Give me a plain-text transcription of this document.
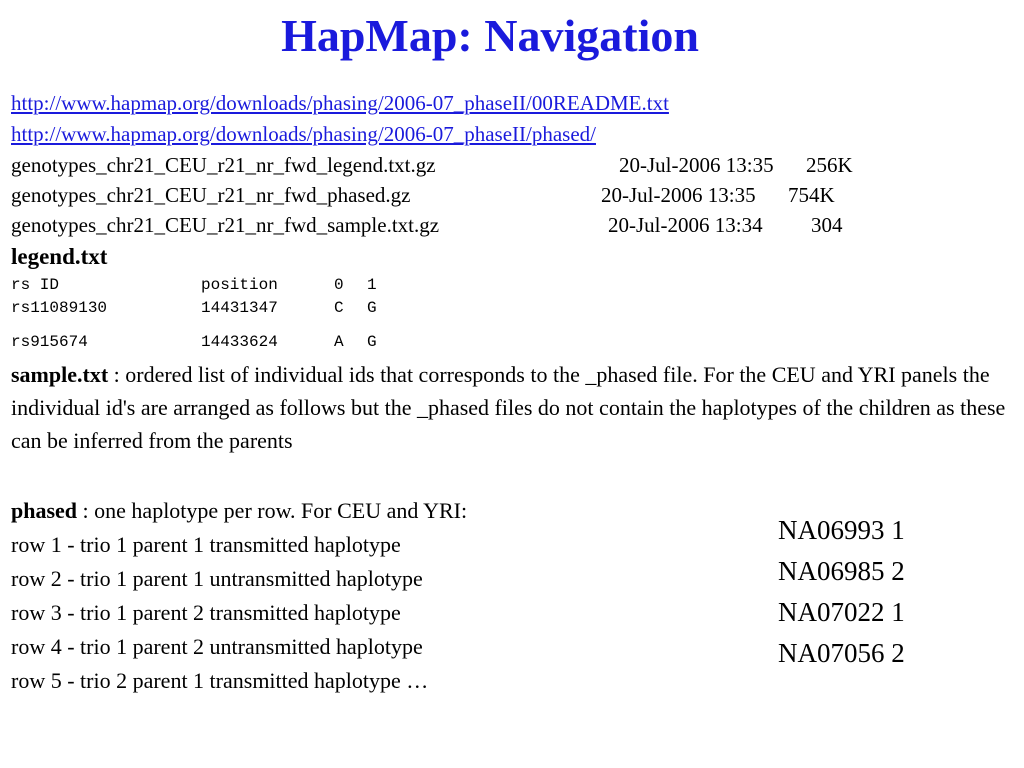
HapMap: Navigation
http://www.hapmap.org/downloads/phasing/2006-07_phaseII/00README.txt
http://www.hapmap.org/downloads/phasing/2006-07_phaseII/phased/
genotypes_chr21_CEU_r21_nr_fwd_legend.txt.gz	20-Jul-2006 13:35 256K
genotypes_chr21_CEU_r21_nr_fwd_phased.gz	20-Jul-2006 13:35 754K
genotypes_chr21_CEU_r21_nr_fwd_sample.txt.gz	20-Jul-2006 13:34 304
legend.txt
rs ID	position	0 1
rs11089130	14431347	C G
rs915674	14433624	A G
sample.txt : ordered list of individual ids that corresponds to the _phased file. For the CEU and YRI panels the individual id's are arranged as follows but the _phased files do not contain the haplotypes of the children as these can be inferred from the parents
phased : one haplotype per row. For CEU and YRI:
row 1 - trio 1 parent 1 transmitted haplotype
row 2 - trio 1 parent 1 untransmitted haplotype
row 3 - trio 1 parent 2 transmitted haplotype
row 4 - trio 1 parent 2 untransmitted haplotype
row 5 - trio 2 parent 1 transmitted haplotype …
NA06993 1
NA06985 2
NA07022 1
NA07056 2
